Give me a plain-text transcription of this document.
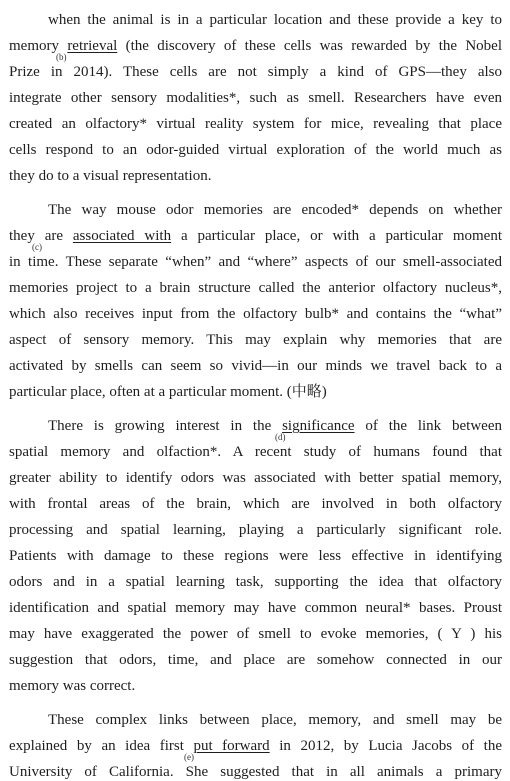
when the animal is in a particular location and these provide a key to
memory retrieval (the discovery of these cells was rewarded by the Nobel
Prize in 2014). These cells are not simply a kind of GPS—they also
integrate other sensory modalities*, such as smell. Researchers have even
created an olfactory* virtual reality system for mice, revealing that place
cells respond to an odor-guided virtual exploration of the world much as
they do to a visual representation.
The way mouse odor memories are encoded* depends on whether
they are associated with a particular place, or with a particular moment
in time. These separate “when” and “where” aspects of our smell-associated
memories project to a brain structure called the anterior olfactory nucleus*,
which also receives input from the olfactory bulb* and contains the “what”
aspect of sensory memory. This may explain why memories that are
activated by smells can seem so vivid—in our minds we travel back to a
particular place, often at a particular moment. (中略)
There is growing interest in the significance of the link between
spatial memory and olfaction*. A recent study of humans found that
greater ability to identify odors was associated with better spatial memory,
with frontal areas of the brain, which are involved in both olfactory
processing and spatial learning, playing a particularly significant role.
Patients with damage to these regions were less effective in identifying
odors and in a spatial learning task, supporting the idea that olfactory
identification and spatial memory may have common neural* bases. Proust
may have exaggerated the power of smell to evoke memories, ( Y ) his
suggestion that odors, time, and place are somehow connected in our
memory was correct.
These complex links between place, memory, and smell may be
explained by an idea first put forward in 2012, by Lucia Jacobs of the
University of California. She suggested that in all animals a primary
(b)
(c)
(d)
(e)
